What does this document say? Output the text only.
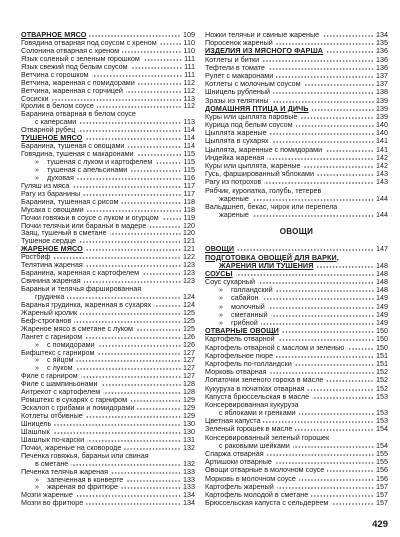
ОТВАРНОЕ МЯСО	109
Говядина отварная под соусом с хреном	110
Солонина отварная с хреном	110
Язык соленый с зеленым горошком	111
Язык свежий под белым соусом	111
Ветчина с горошком	111
Ветчина, жаренная с помидорами	112
Ветчина, жаренная с горчицей	112
Сосиски	113
Кролик в белом соусе	112
Баранина отварная в белом соусе
с каперсами	113
Отварной рубец	114
ТУШЕНОЕ МЯСО	114
Баранина, тушеная с овощами	114
Говядина, тушеная с макаронами	115
»	тушеная с луком и картофелем	115
»	тушеная с апельсинами	115
»	духовая	116
Гуляш из мяса	117
Рагу из баранины	117
Баранина, тушенная с рисом	118
Мусака с овощами	118
Почки говяжьи в соусе с луком и огурцом	119
Почки телячьи или бараньи в мадере	120
Заяц, тушеный в сметане	120
Тушеное сердце	121
ЖАРЕНОЕ МЯСО	121
Ростбиф	122
Телятина жареная	123
Баранина, жаренная с картофелем	123
Свинина жареная	123
Бараньи и телячья фаршированная
грудинка	124
Баранья грудинка, жаренная в сухарях	124
Жареный кролик	125
Беф-строганов	125
Жареное мясо в сметане с луком	125
Лангет с гарниром	126
»	с помидорами	126
Бифштекс с гарниром	127
»	с яйцом	127
»	с луком	127
Филе с гарниром	127
Филе с шампиньонами	128
Антрекот с картофелем	128
Ромштекс в сухарях с гарниром	129
Эскалоп с грибами и помидорами	129
Котлеты отбивные	129
Шницель	130
Шашлык	130
Шашлык по-карски	131
Почки, жареные на сковороде	132
Печенка говяжья, бараньи или свиная
в сметане	132
Печенка телячья жареная	133
»	запеченная в конверте	133
»	жареная во фритюре	133
Мозги жареные	134
Мозги во фритюре	134
Ножки телячьи и свиные жареные	134
Поросенок жареный	135
ИЗДЕЛИЯ ИЗ МЯСНОГО ФАРША	136
Котлеты и битки	136
Тефтели в томате	136
Рулет с макаронами	137
Котлеты с молочным соусом	137
Шницель рубленый	138
Зразы из телятины	139
ДОМАШНЯЯ ПТИЦА И ДИЧЬ	139
Куры или цыплята паровые	139
Курица под белым соусом	140
Цыплята жареные	140
Цыплята в сухарях	141
Цыплята, жаренные с помидорами	141
Индейка жареная	142
Куры или цыплята, жареные	142
Гусь, фаршированный яблоками	143
Рагу из потрохов	143
Рябчик, куропатка, голубь, тетерев
жареные	144
Вальдшнеп, бекас, чирок или перепела
жареные	144
ОВОЩИ
ОВОЩИ	147
ПОДГОТОВКА ОВОЩЕЙ ДЛЯ ВАРКИ,
ЖАРЕНИЯ ИЛИ ТУШЕНИЯ	148
СОУСЫ	148
Соус сухарный	148
»	голландский	148
»	сабайон	149
»	молочный	149
»	сметанный	149
»	грибной	149
ОТВАРНЫЕ ОВОЩИ	150
Картофель отварной	150
Картофель отварной с маслом и зеленью	150
Картофельное пюре	151
Картофель по-голландски	151
Морковь отварная	152
Лопаточки зеленого гороха в масле	152
Кукуруза в початках отварная	152
Капуста брюссельская в масле	153
Консервированная кукуруза
с яблоками и гренками	153
Цветная капуста	153
Зеленый горошек в масле	154
Консервированный зеленый горошек
с раковыми шейками	154
Спаржа отварная	155
Артишоки отварные	155
Овощи отварные в молочном соусе	156
Морковь в молочном соусе	156
Картофель жареный	157
Картофель молодой в сметане	157
Брюссельская капуста с сельдереем	157
429
